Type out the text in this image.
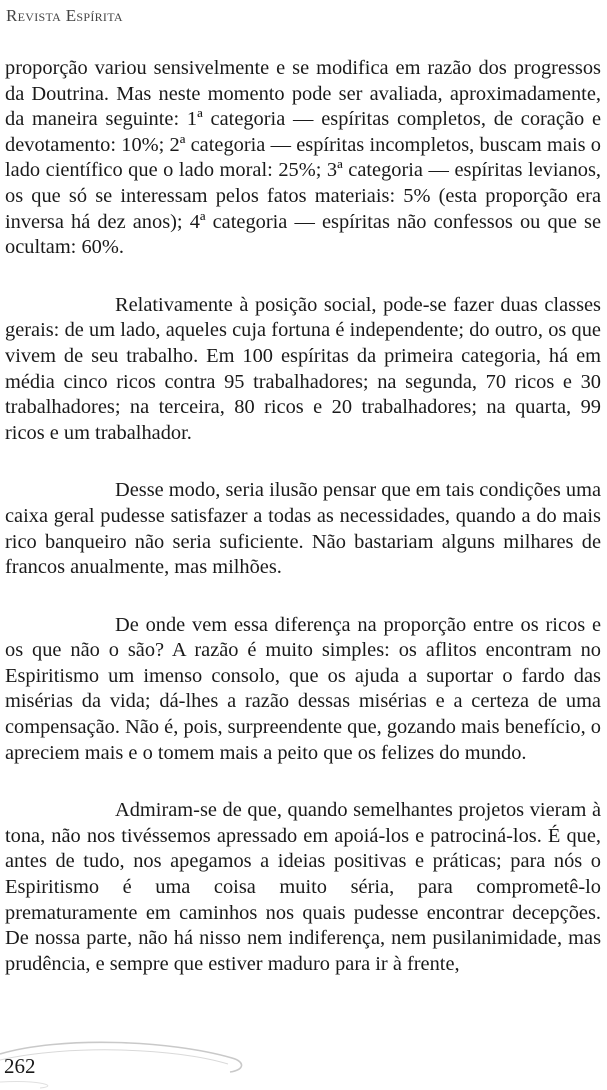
Revista Espírita

proporção variou sensivelmente e se modifica em razão dos progressos da Doutrina. Mas neste momento pode ser avaliada, aproximadamente, da maneira seguinte: 1ª categoria — espíritas completos, de coração e devotamento: 10%; 2ª categoria — espíritas incompletos, buscam mais o lado científico que o lado moral: 25%; 3ª categoria — espíritas levianos, os que só se interessam pelos fatos materiais: 5% (esta proporção era inversa há dez anos); 4ª categoria — espíritas não confessos ou que se ocultam: 60%.

Relativamente à posição social, pode-se fazer duas classes gerais: de um lado, aqueles cuja fortuna é independente; do outro, os que vivem de seu trabalho. Em 100 espíritas da primeira categoria, há em média cinco ricos contra 95 trabalhadores; na segunda, 70 ricos e 30 trabalhadores; na terceira, 80 ricos e 20 trabalhadores; na quarta, 99 ricos e um trabalhador.

Desse modo, seria ilusão pensar que em tais condições uma caixa geral pudesse satisfazer a todas as necessidades, quando a do mais rico banqueiro não seria suficiente. Não bastariam alguns milhares de francos anualmente, mas milhões.

De onde vem essa diferença na proporção entre os ricos e os que não o são? A razão é muito simples: os aflitos encontram no Espiritismo um imenso consolo, que os ajuda a suportar o fardo das misérias da vida; dá-lhes a razão dessas misérias e a certeza de uma compensação. Não é, pois, surpreendente que, gozando mais benefício, o apreciem mais e o tomem mais a peito que os felizes do mundo.

Admiram-se de que, quando semelhantes projetos vieram à tona, não nos tivéssemos apressado em apoiá-los e patrociná-los. É que, antes de tudo, nos apegamos a ideias positivas e práticas; para nós o Espiritismo é uma coisa muito séria, para comprometê-lo prematuramente em caminhos nos quais pudesse encontrar decepções. De nossa parte, não há nisso nem indiferença, nem pusilanimidade, mas prudência, e sempre que estiver maduro para ir à frente,

262
